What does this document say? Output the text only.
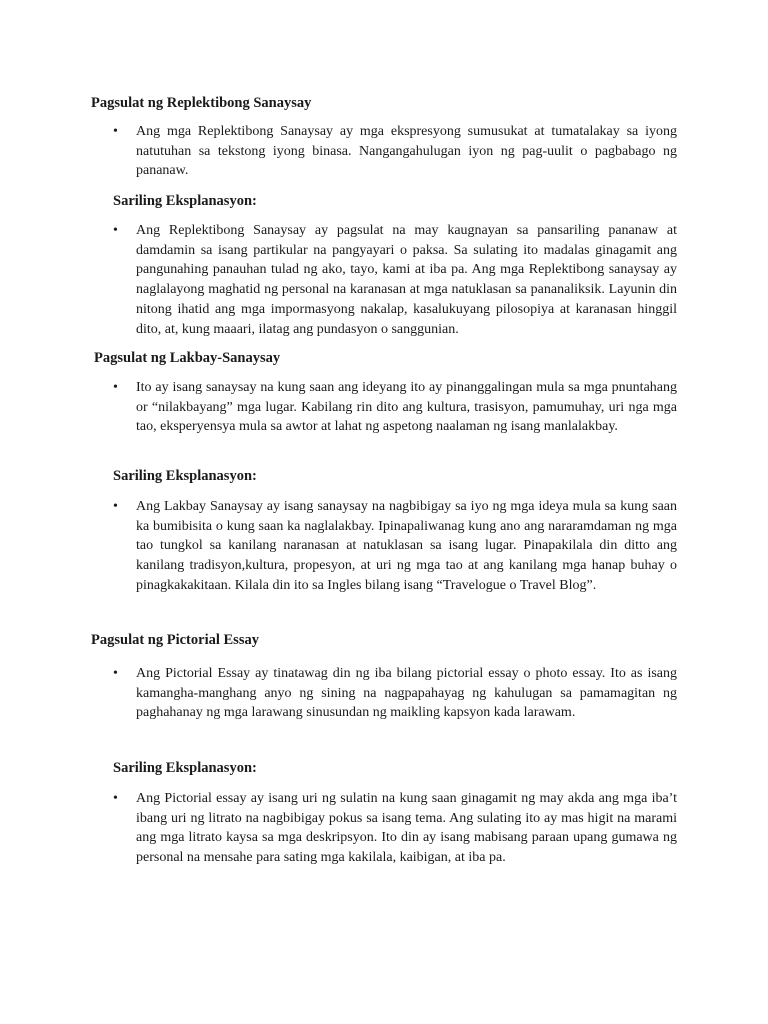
Pagsulat ng Replektibong Sanaysay
• Ang mga Replektibong Sanaysay ay mga ekspresyong sumusukat at tumatalakay sa iyong natutuhan sa tekstong iyong binasa. Nangangahulugan iyon ng pag-uulit o pagbabago ng pananaw.

Sariling Eksplanasyon:
• Ang Replektibong Sanaysay ay pagsulat na may kaugnayan sa pansariling pananaw at damdamin sa isang partikular na pangyayari o paksa. Sa sulating ito madalas ginagamit ang pangunahing panauhan tulad ng ako, tayo, kami at iba pa. Ang mga Replektibong sanaysay ay naglalayong maghatid ng personal na karanasan at mga natuklasan sa pananaliksik. Layunin din nitong ihatid ang mga impormasyong nakalap, kasalukuyang pilosopiya at karanasan hinggil dito, at, kung maaari, ilatag ang pundasyon o sanggunian.

Pagsulat ng Lakbay-Sanaysay
• Ito ay isang sanaysay na kung saan ang ideyang ito ay pinanggalingan mula sa mga pnuntahang or “nilakbayang” mga lugar. Kabilang rin dito ang kultura, trasisyon, pamumuhay, uri nga mga tao, eksperyensya mula sa awtor at lahat ng aspetong naalaman ng isang manlalakbay.

Sariling Eksplanasyon:
• Ang Lakbay Sanaysay ay isang sanaysay na nagbibigay sa iyo ng mga ideya mula sa kung saan ka bumibisita o kung saan ka naglalakbay. Ipinapaliwanag kung ano ang nararamdaman ng mga tao tungkol sa kanilang naranasan at natuklasan sa isang lugar. Pinapakilala din ditto ang kanilang tradisyon,kultura, propesyon, at uri ng mga tao at ang kanilang mga hanap buhay o pinagkakakitaan. Kilala din ito sa Ingles bilang isang “Travelogue o Travel Blog”.

Pagsulat ng Pictorial Essay
• Ang Pictorial Essay ay tinatawag din ng iba bilang pictorial essay o photo essay. Ito as isang kamangha-manghang anyo ng sining na nagpapahayag ng kahulugan sa pamamagitan ng paghahanay ng mga larawang sinusundan ng maikling kapsyon kada larawam.

Sariling Eksplanasyon:
• Ang Pictorial essay ay isang uri ng sulatin na kung saan ginagamit ng may akda ang mga iba’t ibang uri ng litrato na nagbibigay pokus sa isang tema. Ang sulating ito ay mas higit na marami ang mga litrato kaysa sa mga deskripsyon. Ito din ay isang mabisang paraan upang gumawa ng personal na mensahe para sating mga kakilala, kaibigan, at iba pa.
